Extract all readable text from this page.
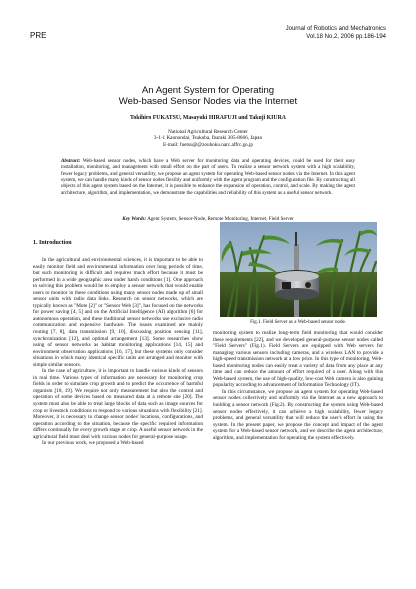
PRE
Journal of Robotics and Mechatronics
Vol.18 No.2, 2006 pp.186-194
An Agent System for Operating
Web-based Sensor Nodes via the Internet
Tokihiro FUKATSU, Masayuki HIRAFUJI and Takuji KIURA
National Agricultural Research Center
3-1-1 Kannondai, Tsukuba, Ibaraki 305-8666, Japan
E-mail: fuetsu@@zouhoku.narc.affrc.go.jp
Abstract: Web-based sensor nodes, which have a Web server for monitoring data and operating devices, could be used for their easy installation, monitoring, and management with small effort on the part of users. To realize a sensor network system with a high scalability, fewer legacy problems, and general versatility, we propose an agent system for operating Web-based sensor nodes via the Internet. In this agent system, we can handle many kinds of sensor nodes flexibly and uniformly with the agent program and the configuration file. By constructing all objects of this agent system based on the Internet, it is possible to enhance the expansion of operation, control, and scale. By making the agent architecture, algorithm, and implementation, we demonstrate the capabilities and reliability of this system as a useful sensor network.
Key Words: Agent System, Sensor-Node, Remote Monitoring, Internet, Field Server
1. Introduction

In the agricultural and environmental sciences, it is important to be able to easily monitor field and environmental information over long periods of time, but such monitoring is difficult and requires much effort because it must be performed in a wide geographic area under harsh conditions [1]. One approach to solving this problem would be to employ a sensor network that would enable users to monitor in these conditions using many sensor nodes made up of small sensor units with radio data links. Research on sensor networks, which are typically known as "Mote [2]" or "Sensor Web [3]", has focused on the networks for power saving [4, 5] and on the Artificial Intelligence (AI) algorithm [6] for autonomous operation, and these traditional sensor networks use exclusive radio communication and expensive hardware. The issues examined are mainly routing [7, 8], data transmission [9, 10], discussing position sensing [11], synchronization [12], and optimal arrangement [13]. Some researches show using of sensor networks as habitat monitoring applications [14, 15] and environment observation applications [16, 17], but these systems only consider situations in which many identical specific units are arranged and monitor with simple similar sensors.

In the case of agriculture, it is important to handle various kinds of sensors in real time. Various types of information are necessary for monitoring crop fields in order to simulate crop growth and to predict the occurrence of harmful organism [18, 19]. We require not only measurement but also the control and operation of some devices based on measured data at a remote site [20]. The system must also be able to treat large blocks of data such as image sources for crop or livestock conditions to respond to various situations with flexibility [21]. Moreover, it is necessary to change sensor nodes' locations, configurations, and operation according to the situation, because the specific required information differs continually for every growth stage or crop. A useful sensor network in the agricultural field must deal with various nodes for general-purpose usage.

In our previous work, we proposed a Web-based

Fig.1. Field Server as a Web-based sensor node.

monitoring system to realize long-term field monitoring that would consider these requirements [22], and we developed general-purpose sensor nodes called "Field Servers" (Fig.1). Field Servers are equipped with Web servers for managing various sensors including cameras, and a wireless LAN to provide a high-speed transmission network at a low price. In this type of monitoring, Web-based monitoring nodes can easily treat a variety of data from any place at any time and can reduce the amount of effort required of a user. Along with this Web-based system, the use of high-quality, low-cost Web camera is also gaining popularity according to advancement of Information Technology (IT).

In this circumstance, we propose an agent system for operating Web-based sensor nodes collectively and uniformly via the Internet as a new approach to building a sensor network (Fig.2). By constructing the system using Web-based sensor nodes effectively, it can achieve a high scalability, fewer legacy problems, and general versatility that will reduce the user's effort in using the system. In the present paper, we propose the concept and impact of the agent system for a Web-based sensor network, and we describe the agent architecture, algorithm, and implementation for operating the system effectively.
